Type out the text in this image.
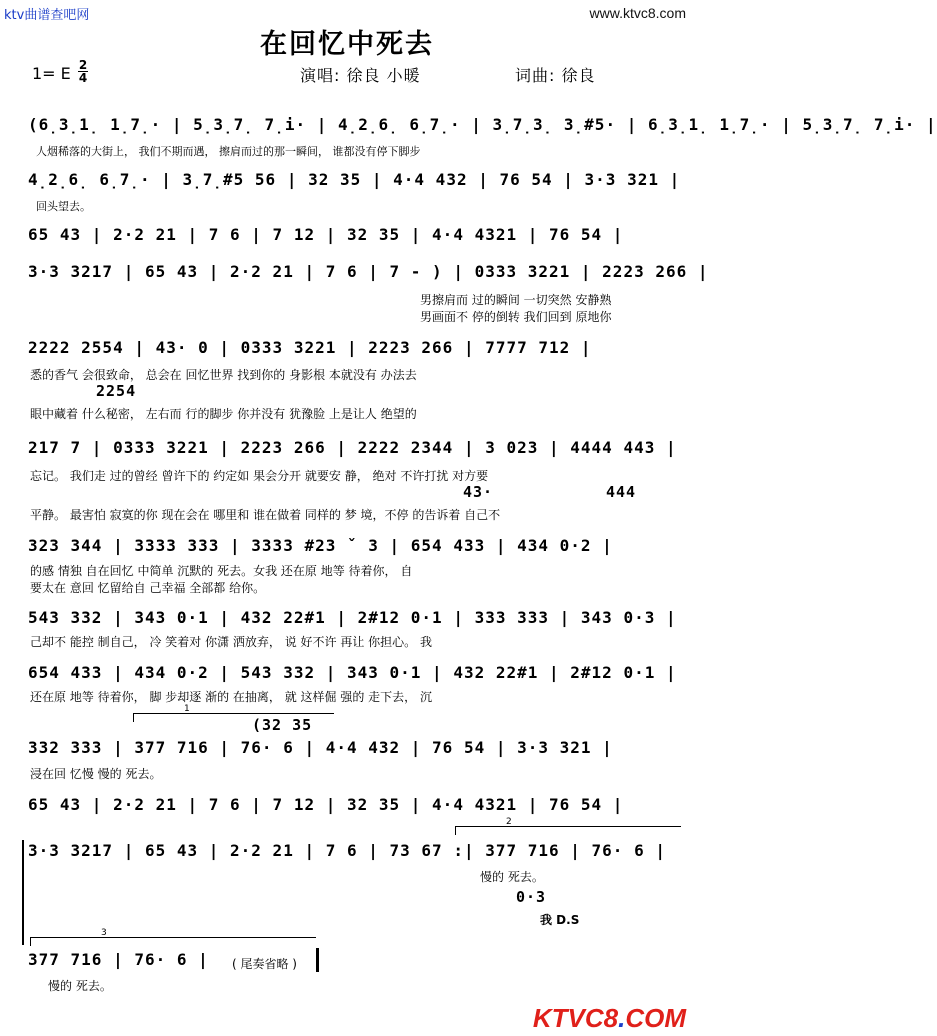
ktv曲谱查吧网	www.ktvc8.com
在回忆中死去
1= E 2
4	演唱: 徐良 小暖	词曲: 徐良
(6̣3̣1̣ 1̣7̣· | 5̣3̣7̣ 7̣i· | 4̣2̣6̣ 6̣7̣· | 3̣7̣3̣ 3̣#5· | 6̣3̣1̣ 1̣7̣· | 5̣3̣7̣ 7̣i· |
人烟稀落的大街上， 我们不期而遇， 擦肩而过的那一瞬间， 谁都没有停下脚步
4̣2̣6̣ 6̣7̣· | 3̣7̣#5 56 | 32 35 | 4·4 432 | 76 54 | 3·3 321 |
回头望去。
65 43 | 2·2 21 | 7 6 | 7 12 | 32 35 | 4·4 4321 | 76 54 |
3·3 3217 | 65 43 | 2·2 21 | 7 6 | 7 - ) | 0333 3221 | 2223 266 |
男擦肩而 过的瞬间 一切突然 安静熟
男画面不 停的倒转 我们回到 原地你
2222 2554 | 43· 0 | 0333 3221 | 2223 266 | 7777 712 |
悉的香气 会很致命， 总会在 回忆世界 找到你的 身影根 本就没有 办法去
2254
眼中藏着 什么秘密， 左右而 行的脚步 你并没有 犹豫脸 上是让人 绝望的
217 7 | 0333 3221 | 2223 266 | 2222 2344 | 3 023 | 4444 443 |
忘记。 我们走 过的曾经 曾许下的 约定如 果会分开 就要安 静， 绝对 不许打扰 对方要
43·	444
平静。 最害怕 寂寞的你 现在会在 哪里和 谁在做着 同样的 梦 境，不停 的告诉着 自己不
323 344 | 3333 333 | 3333 #23 ˇ 3 | 654 433 | 434 0·2 |
的感 情独 自在回忆 中简单 沉默的 死去。女我 还在原 地等 待着你， 自
要太在 意回 忆留给自 己幸福 全部都 给你。
543 332 | 343 0·1 | 432 22#1 | 2#12 0·1 | 333 333 | 343 0·3 |
己却不 能控 制自己， 冷 笑着对 你潇 洒放弃， 说 好不许 再让 你担心。 我
654 433 | 434 0·2 | 543 332 | 343 0·1 | 432 22#1 | 2#12 0·1 |
还在原 地等 待着你， 脚 步却逐 渐的 在抽离， 就 这样倔 强的 走下去， 沉
1
(32 35
332 333 | 377 716 | 76· 6 | 4·4 432 | 76 54 | 3·3 321 |
浸在回 忆慢 慢的 死去。
65 43 | 2·2 21 | 7 6 | 7 12 | 32 35 | 4·4 4321 | 76 54 |
2
3·3 3217 | 65 43 | 2·2 21 | 7 6 | 73 67 :| 377 716 | 76· 6 |
慢的 死去。
0·3
我 D.S
3
377 716 | 76· 6 |	( 尾奏省略 )
慢的 死去。
KTVC8.COM
